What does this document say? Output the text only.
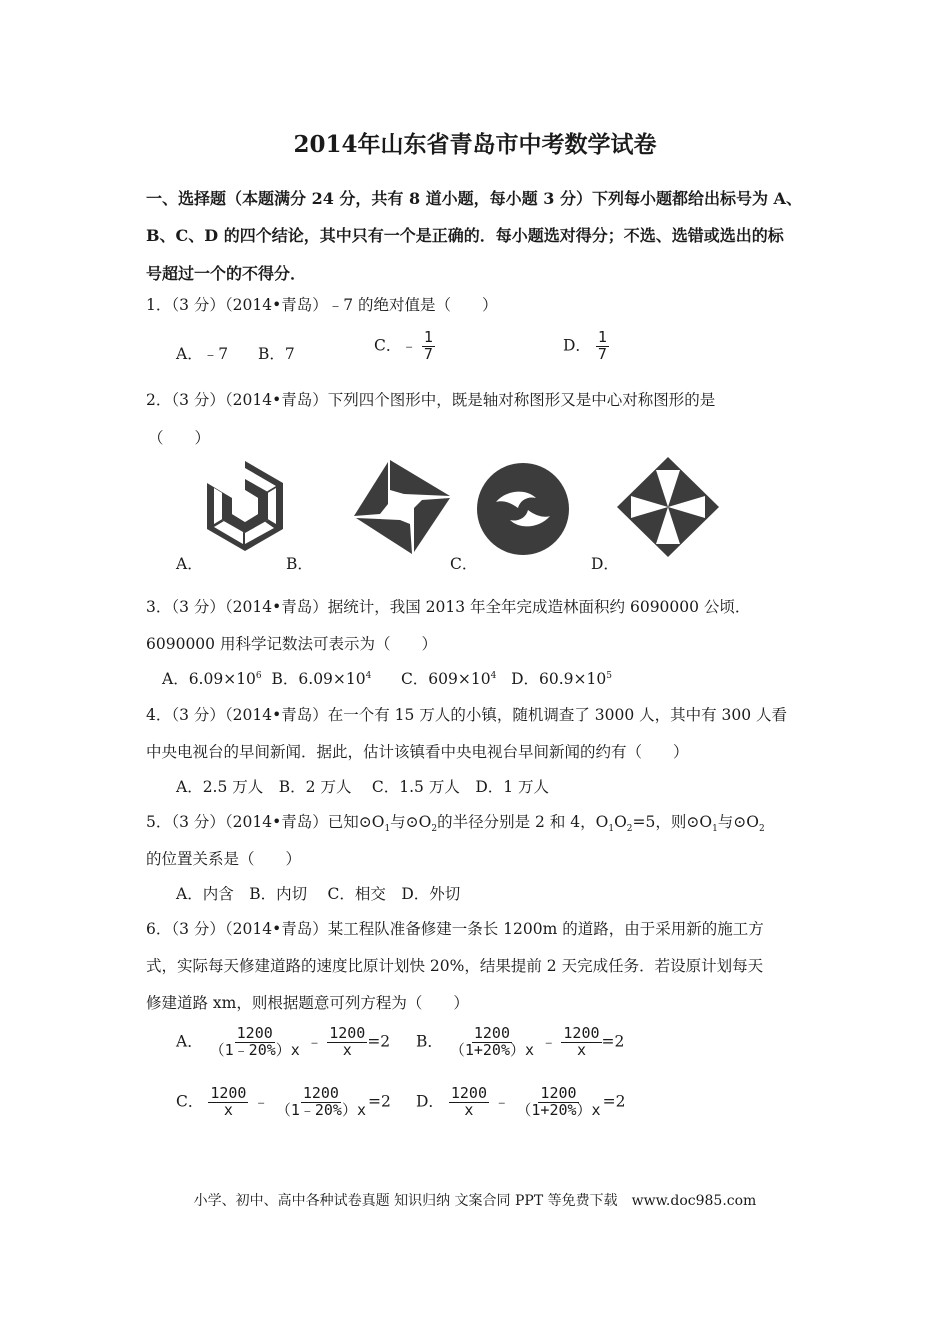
2014年山东省青岛市中考数学试卷
一、选择题（本题满分 24 分，共有 8 道小题，每小题 3 分）下列每小题都给出标号为 A、
B、C、D 的四个结论，其中只有一个是正确的．每小题选对得分；不选、选错或选出的标
号超过一个的不得分．
1．（3 分）（2014•青岛）﹣7 的绝对值是（　　）
A．﹣7 B．7	C．﹣ $\frac{1}{7}$	D． $\frac{1}{7}$
2．（3 分）（2014•青岛）下列四个图形中，既是轴对称图形又是中心对称图形的是
（　　）
A．	B．	C．	D．
3．（3 分）（2014•青岛）据统计，我国 2013 年全年完成造林面积约 6090000 公顷．
6090000 用科学记数法可表示为（　　）
A．$6.09\times 10^6$ B．$6.09\times 10^4$ C．$609\times 10^4$ D．$60.9\times 10^5$
4．（3 分）（2014•青岛）在一个有 15 万人的小镇，随机调查了 3000 人，其中有 300 人看
中央电视台的早间新闻．据此，估计该镇看中央电视台早间新闻的约有（　　）
A．2.5 万人　B．2 万人　 C．1.5 万人　D．1 万人
5．（3 分）（2014•青岛）已知$⊙O_1$与$⊙O_2$的半径分别是 2 和 4，$O_1O_2=5$，则$⊙O_1$与$⊙O_2$
的位置关系是（　　）
A．内含　B．内切　 C．相交　D．外切
6．（3 分）（2014•青岛）某工程队准备修建一条长 1200m 的道路，由于采用新的施工方
式，实际每天修建道路的速度比原计划快 20%，结果提前 2 天完成任务．若设原计划每天
修建道路 xm，则根据题意可列方程为（　　）
A． $\frac{1200}{(1﹣20\%)x}$ ﹣ $\frac{1200}{x} =2$ B． $\frac{1200}{(1+20\%)x}$ ﹣ $\frac{1200}{x} =2$
C． $\frac{1200}{x}$ ﹣ $\frac{1200}{(1﹣20\%)x} =2$ D． $\frac{1200}{x}$ ﹣ $\frac{1200}{(1+20\%)x} =2$
小学、初中、高中各种试卷真题 知识归纳 文案合同 PPT 等免费下载　www.doc985.com
